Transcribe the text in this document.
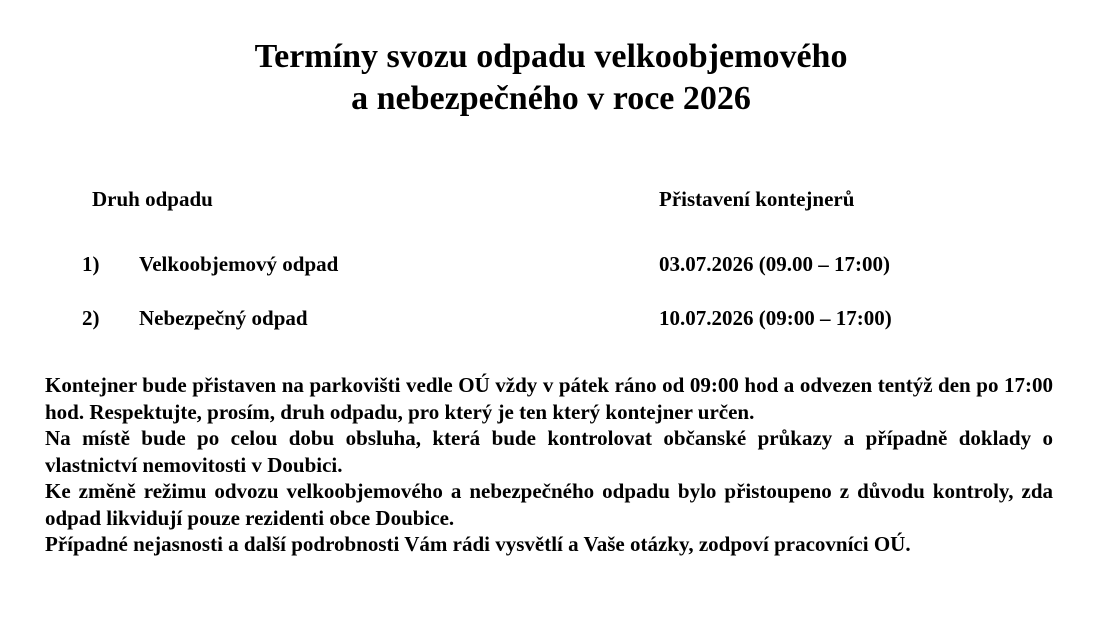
Termíny svozu odpadu velkoobjemového
a nebezpečného v roce 2026
Druh odpadu	Přistavení kontejnerů
1) Velkoobjemový odpad	03.07.2026 (09.00 – 17:00)
2) Nebezpečný odpad	10.07.2026 (09:00 – 17:00)

Kontejner bude přistaven na parkovišti vedle OÚ vždy v pátek ráno od 09:00 hod a odvezen tentýž den po 17:00 hod. Respektujte, prosím, druh odpadu, pro který je ten který kontejner určen.

Na místě bude po celou dobu obsluha, která bude kontrolovat občanské průkazy a případně doklady o vlastnictví nemovitosti v Doubici.

Ke změně režimu odvozu velkoobjemového a nebezpečného odpadu bylo přistoupeno z důvodu kontroly, zda odpad likvidují pouze rezidenti obce Doubice.

Případné nejasnosti a další podrobnosti Vám rádi vysvětlí a Vaše otázky, zodpoví pracovníci OÚ.
